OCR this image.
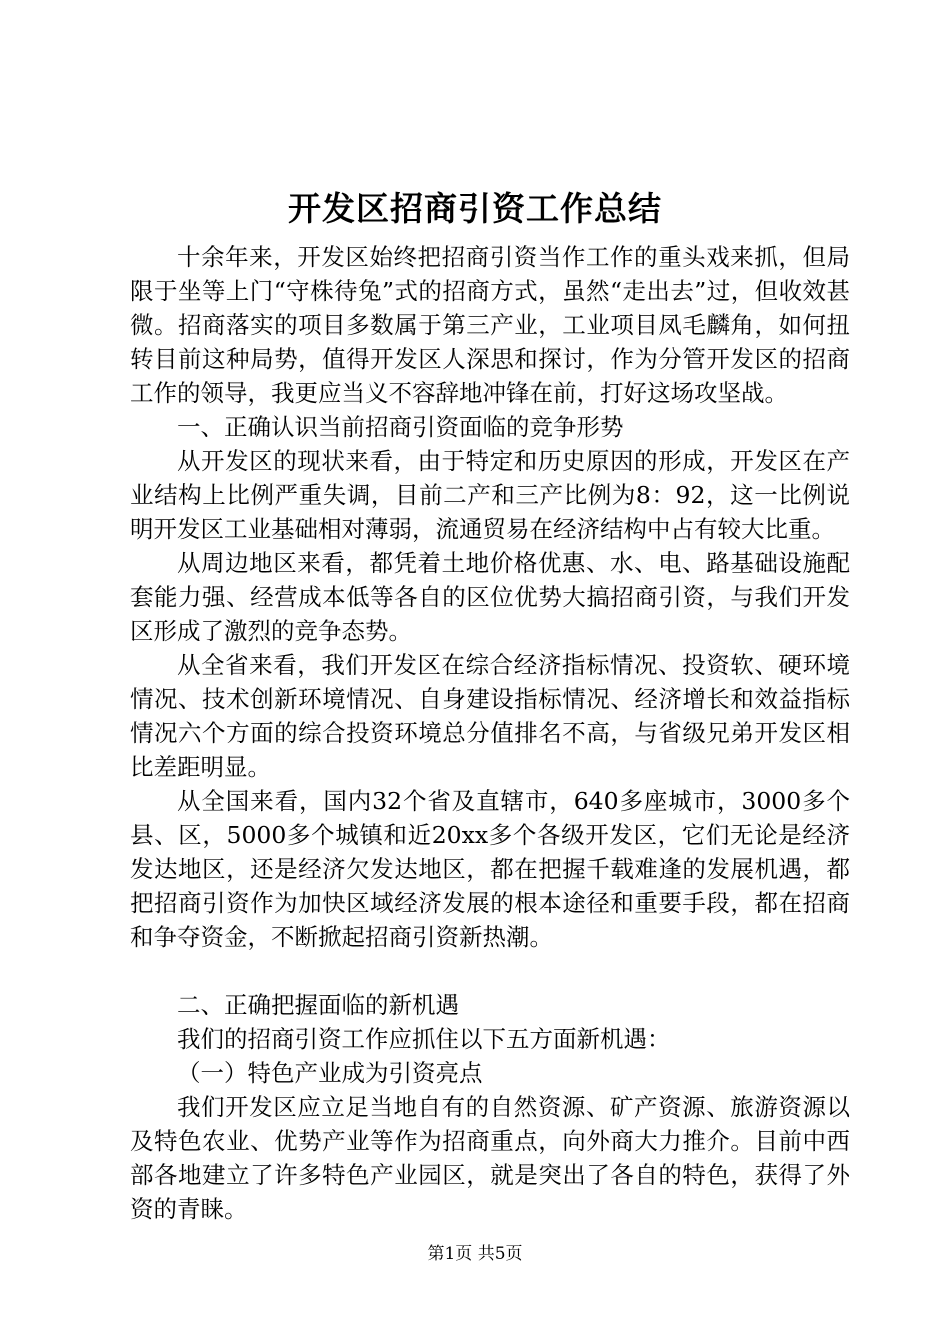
开发区招商引资工作总结

十余年来，开发区始终把招商引资当作工作的重头戏来抓，但局限于坐等上门“守株待兔”式的招商方式，虽然“走出去”过，但收效甚微。招商落实的项目多数属于第三产业，工业项目凤毛麟角，如何扭转目前这种局势，值得开发区人深思和探讨，作为分管开发区的招商工作的领导，我更应当义不容辞地冲锋在前，打好这场攻坚战。

一、正确认识当前招商引资面临的竞争形势

从开发区的现状来看，由于特定和历史原因的形成，开发区在产业结构上比例严重失调，目前二产和三产比例为8：92，这一比例说明开发区工业基础相对薄弱，流通贸易在经济结构中占有较大比重。

从周边地区来看，都凭着土地价格优惠、水、电、路基础设施配套能力强、经营成本低等各自的区位优势大搞招商引资，与我们开发区形成了激烈的竞争态势。

从全省来看，我们开发区在综合经济指标情况、投资软、硬环境情况、技术创新环境情况、自身建设指标情况、经济增长和效益指标情况六个方面的综合投资环境总分值排名不高，与省级兄弟开发区相比差距明显。

从全国来看，国内32个省及直辖市，640多座城市，3000多个县、区，5000多个城镇和近20xx多个各级开发区，它们无论是经济发达地区，还是经济欠发达地区，都在把握千载难逢的发展机遇，都把招商引资作为加快区域经济发展的根本途径和重要手段，都在招商和争夺资金，不断掀起招商引资新热潮。

二、正确把握面临的新机遇

我们的招商引资工作应抓住以下五方面新机遇：

（一）特色产业成为引资亮点

我们开发区应立足当地自有的自然资源、矿产资源、旅游资源以及特色农业、优势产业等作为招商重点，向外商大力推介。目前中西部各地建立了许多特色产业园区，就是突出了各自的特色，获得了外资的青睐。

第1页 共5页
